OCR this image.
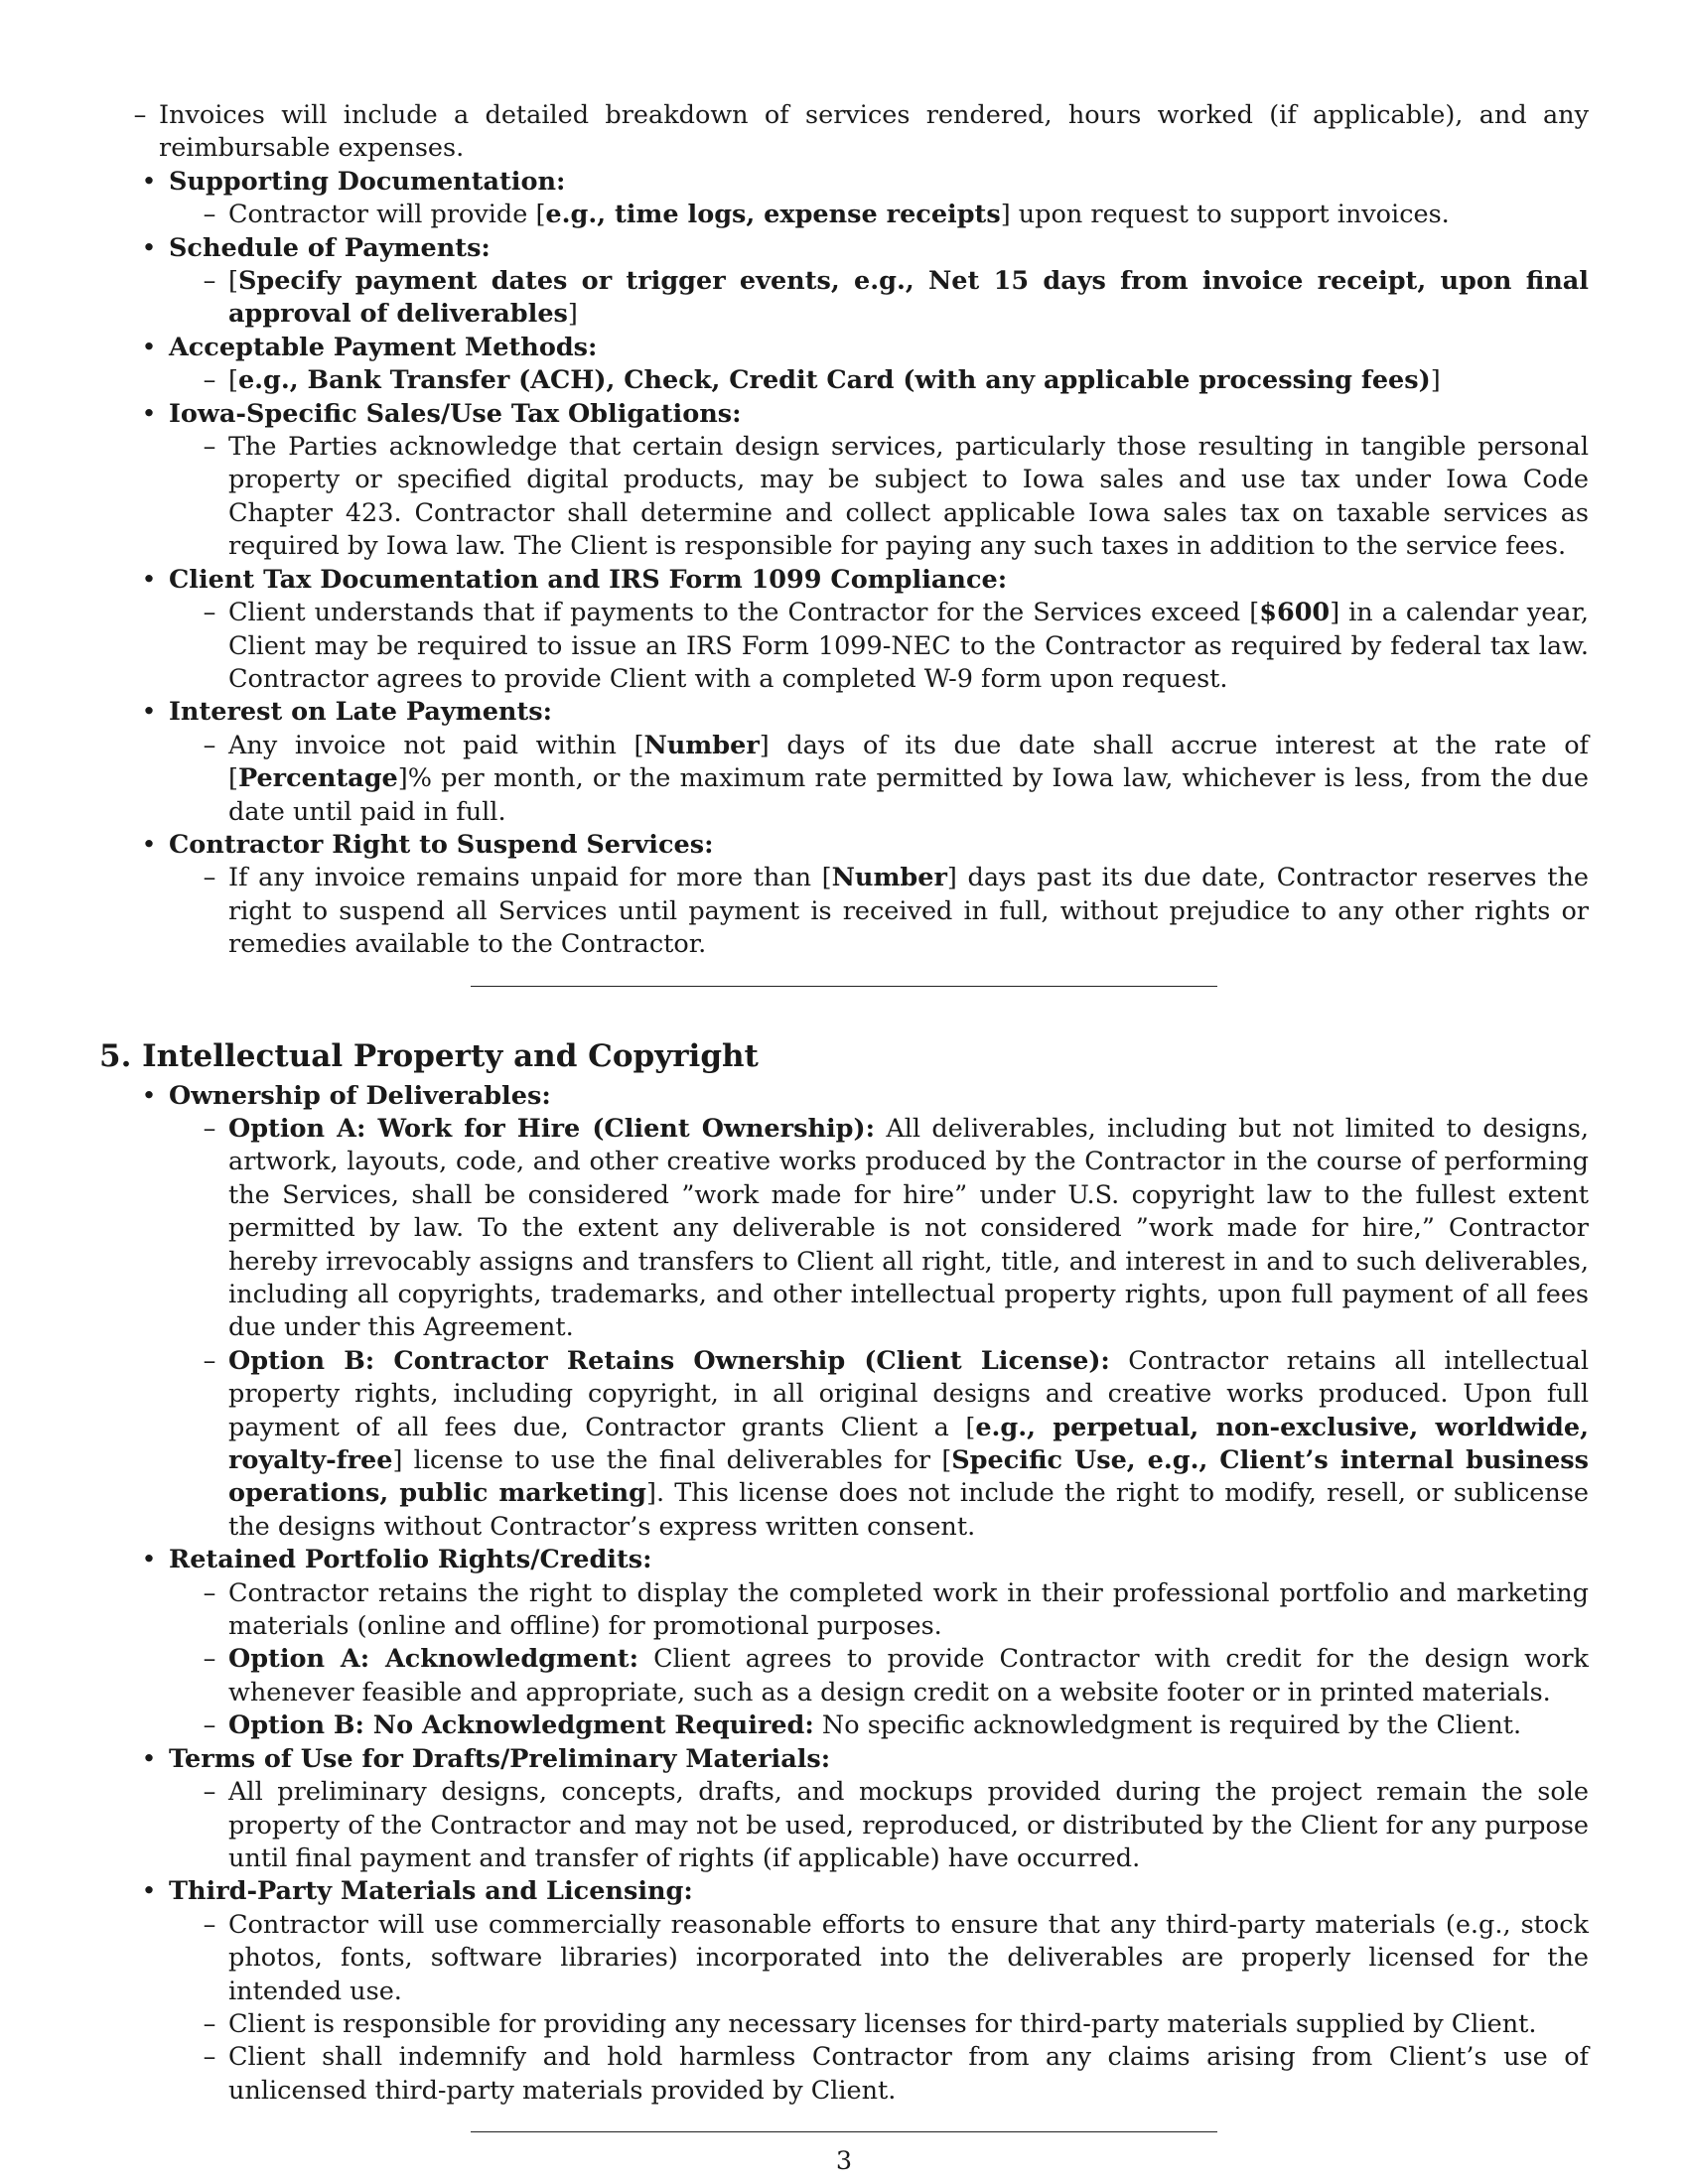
– Invoices will include a detailed breakdown of services rendered, hours worked (if applicable), and any reimbursable expenses.
• Supporting Documentation:
– Contractor will provide [e.g., time logs, expense receipts] upon request to support invoices.
• Schedule of Payments:
– [Specify payment dates or trigger events, e.g., Net 15 days from invoice receipt, upon final approval of deliverables]
• Acceptable Payment Methods:
– [e.g., Bank Transfer (ACH), Check, Credit Card (with any applicable processing fees)]
• Iowa-Specific Sales/Use Tax Obligations:
– The Parties acknowledge that certain design services, particularly those resulting in tangible personal property or specified digital products, may be subject to Iowa sales and use tax under Iowa Code Chapter 423. Contractor shall determine and collect applicable Iowa sales tax on taxable services as required by Iowa law. The Client is responsible for paying any such taxes in addition to the service fees.
• Client Tax Documentation and IRS Form 1099 Compliance:
– Client understands that if payments to the Contractor for the Services exceed [$600] in a calendar year, Client may be required to issue an IRS Form 1099-NEC to the Contractor as required by federal tax law. Contractor agrees to provide Client with a completed W-9 form upon request.
• Interest on Late Payments:
– Any invoice not paid within [Number] days of its due date shall accrue interest at the rate of [Percentage]% per month, or the maximum rate permitted by Iowa law, whichever is less, from the due date until paid in full.
• Contractor Right to Suspend Services:
– If any invoice remains unpaid for more than [Number] days past its due date, Contractor reserves the right to suspend all Services until payment is received in full, without prejudice to any other rights or remedies available to the Contractor.
5. Intellectual Property and Copyright
• Ownership of Deliverables:
– Option A: Work for Hire (Client Ownership): All deliverables, including but not limited to designs, artwork, layouts, code, and other creative works produced by the Contractor in the course of performing the Services, shall be considered ”work made for hire” under U.S. copyright law to the fullest extent permitted by law. To the extent any deliverable is not considered ”work made for hire,” Contractor hereby irrevocably assigns and transfers to Client all right, title, and interest in and to such deliverables, including all copyrights, trademarks, and other intellectual property rights, upon full payment of all fees due under this Agreement.
– Option B: Contractor Retains Ownership (Client License): Contractor retains all intellectual property rights, including copyright, in all original designs and creative works produced. Upon full payment of all fees due, Contractor grants Client a [e.g., perpetual, non-exclusive, worldwide, royalty-free] license to use the final deliverables for [Specific Use, e.g., Client’s internal business operations, public marketing]. This license does not include the right to modify, resell, or sublicense the designs without Contractor’s express written consent.
• Retained Portfolio Rights/Credits:
– Contractor retains the right to display the completed work in their professional portfolio and marketing materials (online and offline) for promotional purposes.
– Option A: Acknowledgment: Client agrees to provide Contractor with credit for the design work whenever feasible and appropriate, such as a design credit on a website footer or in printed materials.
– Option B: No Acknowledgment Required: No specific acknowledgment is required by the Client.
• Terms of Use for Drafts/Preliminary Materials:
– All preliminary designs, concepts, drafts, and mockups provided during the project remain the sole property of the Contractor and may not be used, reproduced, or distributed by the Client for any purpose until final payment and transfer of rights (if applicable) have occurred.
• Third-Party Materials and Licensing:
– Contractor will use commercially reasonable efforts to ensure that any third-party materials (e.g., stock photos, fonts, software libraries) incorporated into the deliverables are properly licensed for the intended use.
– Client is responsible for providing any necessary licenses for third-party materials supplied by Client.
– Client shall indemnify and hold harmless Contractor from any claims arising from Client’s use of unlicensed third-party materials provided by Client.
3
